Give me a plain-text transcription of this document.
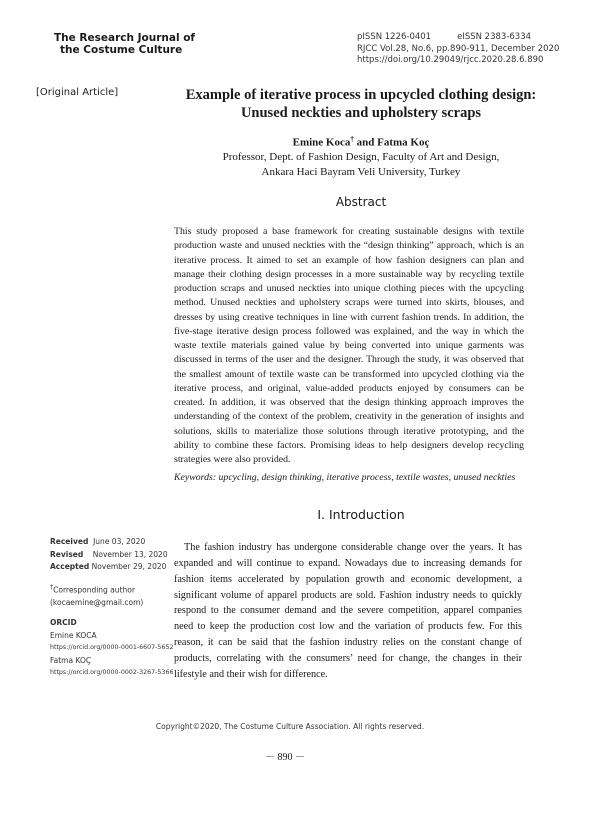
The Research Journal of
the Costume Culture
pISSN 1226-0401	eISSN 2383-6334
RJCC Vol.28, No.6, pp.890-911, December 2020
https://doi.org/10.29049/rjcc.2020.28.6.890
[Original Article]	Example of iterative process in upcycled clothing design:
Unused neckties and upholstery scraps
Emine Koca† and Fatma Koç
Professor, Dept. of Fashion Design, Faculty of Art and Design,
Ankara Haci Bayram Veli University, Turkey
Abstract
This study proposed a base framework for creating sustainable designs with textile production waste and unused neckties with the “design thinking” approach, which is an iterative process. It aimed to set an example of how fashion designers can plan and manage their clothing design processes in a more sustainable way by recycling textile production scraps and unused neckties into unique clothing pieces with the upcycling method. Unused neckties and upholstery scraps were turned into skirts, blouses, and dresses by using creative techniques in line with current fashion trends. In addition, the five-stage iterative design process followed was explained, and the way in which the waste textile materials gained value by being converted into unique garments was discussed in terms of the user and the designer. Through the study, it was observed that the smallest amount of textile waste can be transformed into upcycled clothing via the iterative process, and original, value-added products enjoyed by consumers can be created. In addition, it was observed that the design thinking approach improves the understanding of the context of the problem, creativity in the generation of insights and solutions, skills to materialize those solutions through iterative prototyping, and the ability to combine these factors. Promising ideas to help designers develop recycling strategies were also provided.
Keywords: upcycling, design thinking, iterative process, textile wastes, unused neckties
Ⅰ. Introduction
The fashion industry has undergone considerable change over the years. It has expanded and will continue to expand. Nowadays due to increasing demands for fashion items accelerated by population growth and economic development, a significant volume of apparel products are sold. Fashion industry needs to quickly respond to the consumer demand and the severe competition, apparel companies need to keep the production cost low and the variation of products few. For this reason, it can be said that the fashion industry relies on the constant change of products, correlating with the consumers’ need for change, the changes in their lifestyle and their wish for difference.
Received June 03, 2020
Revised November 13, 2020
Accepted November 29, 2020
†Corresponding author
(kocaemine@gmail.com)
ORCID
Emine KOCA
https://orcid.org/0000-0001-6607-5652
Fatma KOÇ
https://orcid.org/0000-0002-3267-5366
Copyright©2020, The Costume Culture Association. All rights reserved.
－ 890 －
